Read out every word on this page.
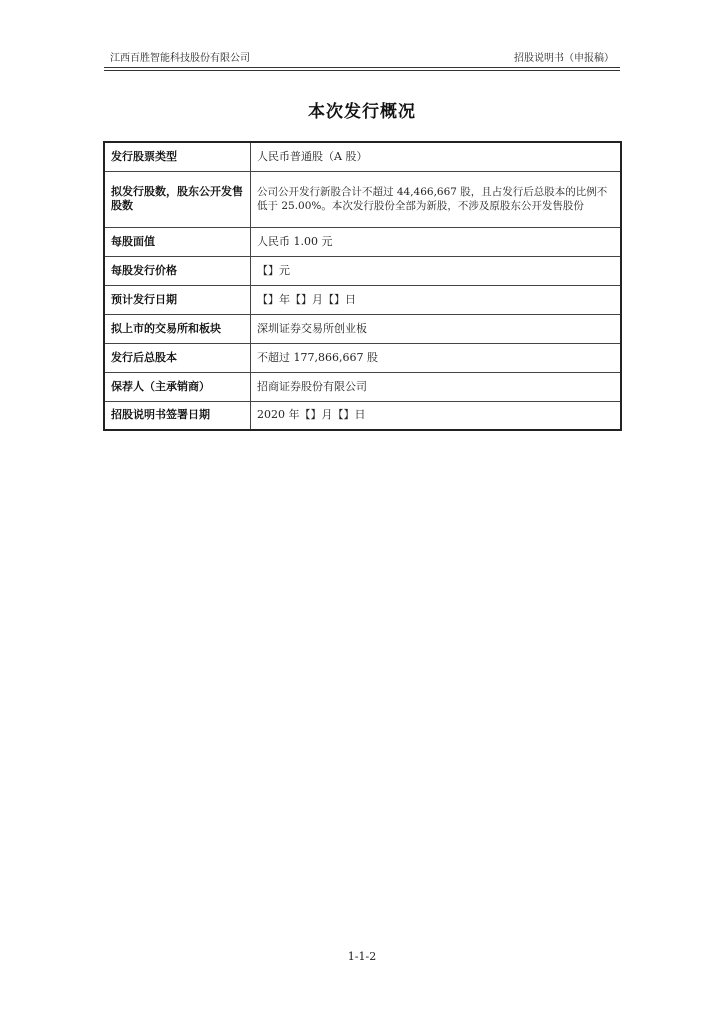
江西百胜智能科技股份有限公司	招股说明书（申报稿）
本次发行概况
发行股票类型	人民币普通股（A 股）
拟发行股数，股东公开发售股数	公司公开发行新股合计不超过 44,466,667 股，且占发行后总股本的比例不低于 25.00%。本次发行股份全部为新股，不涉及原股东公开发售股份
每股面值	人民币 1.00 元
每股发行价格	【】元
预计发行日期	【】年【】月【】日
拟上市的交易所和板块	深圳证券交易所创业板
发行后总股本	不超过 177,866,667 股
保荐人（主承销商）	招商证券股份有限公司
招股说明书签署日期	2020 年【】月【】日
1-1-2
